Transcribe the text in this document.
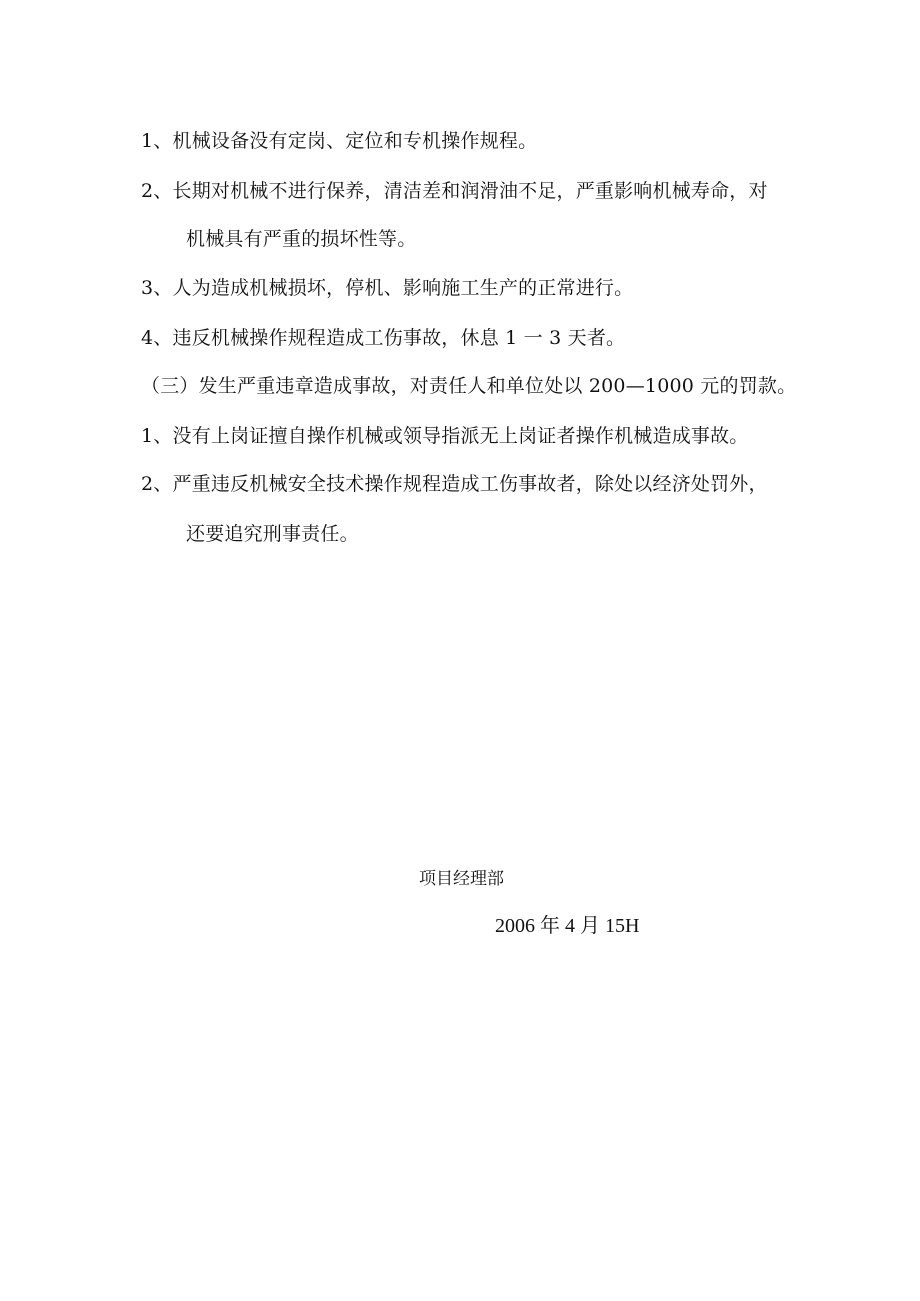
1、机械设备没有定岗、定位和专机操作规程。
2、长期对机械不进行保养，清洁差和润滑油不足，严重影响机械寿命，对
机械具有严重的损坏性等。
3、人为造成机械损坏，停机、影响施工生产的正常进行。
4、违反机械操作规程造成工伤事故，休息 1 一 3 天者。
（三）发生严重违章造成事故，对责任人和单位处以 200—1000 元的罚款。
1、没有上岗证擅自操作机械或领导指派无上岗证者操作机械造成事故。
2、严重违反机械安全技术操作规程造成工伤事故者，除处以经济处罚外，
还要追究刑事责任。
项目经理部
2006 年 4 月 15H
